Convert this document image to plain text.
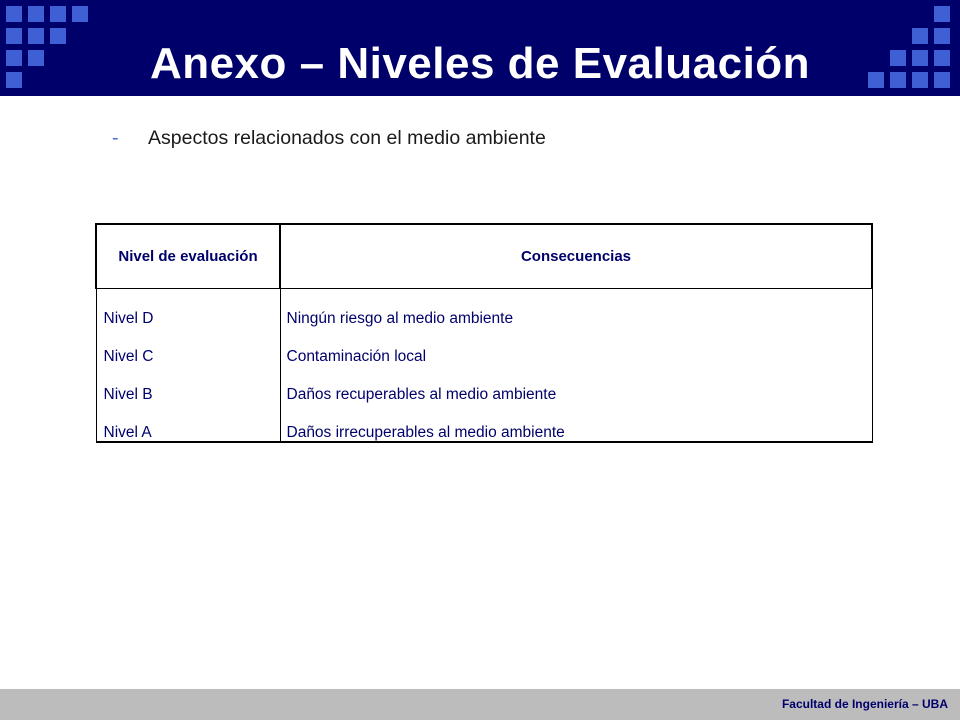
Anexo – Niveles de Evaluación
- Aspectos relacionados con el medio ambiente
Nivel de evaluación	Consecuencias
Nivel D	Ningún riesgo al medio ambiente
Nivel C	Contaminación local
Nivel B	Daños recuperables al medio ambiente
Nivel A	Daños irrecuperables al medio ambiente
Facultad de Ingeniería – UBA
